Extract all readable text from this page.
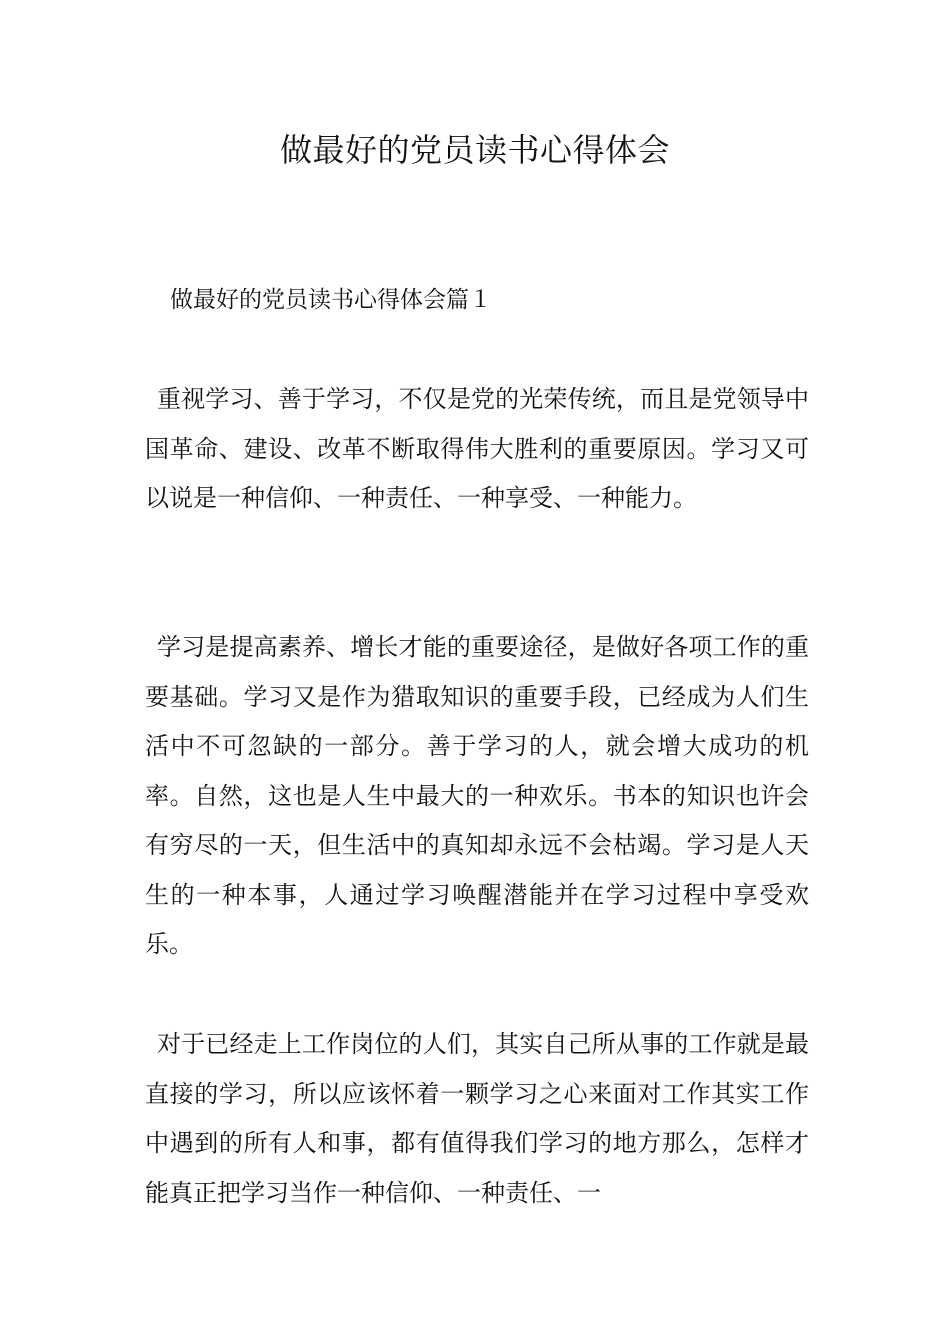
做最好的党员读书心得体会
做最好的党员读书心得体会篇１

重视学习、善于学习，不仅是党的光荣传统，而且是党领导中国革命、建设、改革不断取得伟大胜利的重要原因。学习又可以说是一种信仰、一种责任、一种享受、一种能力。

学习是提高素养、增长才能的重要途径，是做好各项工作的重要基础。学习又是作为猎取知识的重要手段，已经成为人们生活中不可忽缺的一部分。善于学习的人，就会增大成功的机率。自然，这也是人生中最大的一种欢乐。书本的知识也许会有穷尽的一天，但生活中的真知却永远不会枯竭。学习是人天生的一种本事，人通过学习唤醒潜能并在学习过程中享受欢乐。

对于已经走上工作岗位的人们，其实自己所从事的工作就是最直接的学习，所以应该怀着一颗学习之心来面对工作其实工作中遇到的所有人和事，都有值得我们学习的地方那么，怎样才能真正把学习当作一种信仰、一种责任、一
